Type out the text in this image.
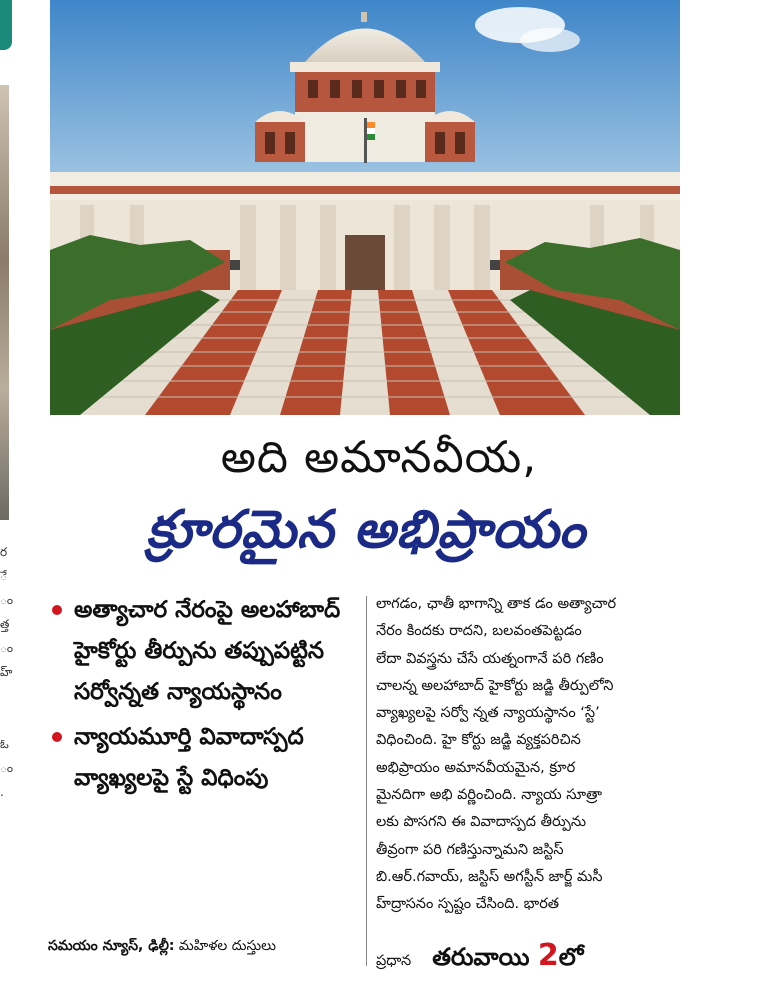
ర
ే
ం
త్త
ం
హ్

ఓ
ం
.
అది అమానవీయ,
క్రూరమైన అభిప్రాయం
అత్యాచార నేరంపై అలహాబాద్ హైకోర్టు తీర్పును తప్పుపట్టిన సర్వోన్నత న్యాయస్థానం
న్యాయమూర్తి వివాదాస్పద వ్యాఖ్యలపై స్టే విధింపు
సమయం న్యూస్, ఢిల్లీ: మహిళల దుస్తులు
లాగడం, ఛాతీ భాగాన్ని తాక డం అత్యాచార
నేరం కిందకు రాదని, బలవంతపెట్టడం
లేదా వివస్త్రను చేసే యత్నంగానే పరి గణిం
చాలన్న అలహాబాద్ హైకోర్టు జడ్జి తీర్పులోని
వ్యాఖ్యలపై సర్వో న్నత న్యాయస్థానం ‘స్టే’
విధించింది. హై కోర్టు జడ్జి వ్యక్తపరిచిన
అభిప్రాయం అమానవీయమైన, క్రూర
మైనదిగా అభి వర్ణించింది. న్యాయ సూత్రా
లకు పొసగని ఈ వివాదాస్పద తీర్పును
తీవ్రంగా పరి గణిస్తున్నామని జస్టిస్
బి.ఆర్.గవాయ్, జస్టిస్ అగస్టీన్ జార్జ్ మసీ
హ్‌ద్రాసనం స్పష్టం చేసింది. భారత
ప్రధాన తరువాయి 2లో
